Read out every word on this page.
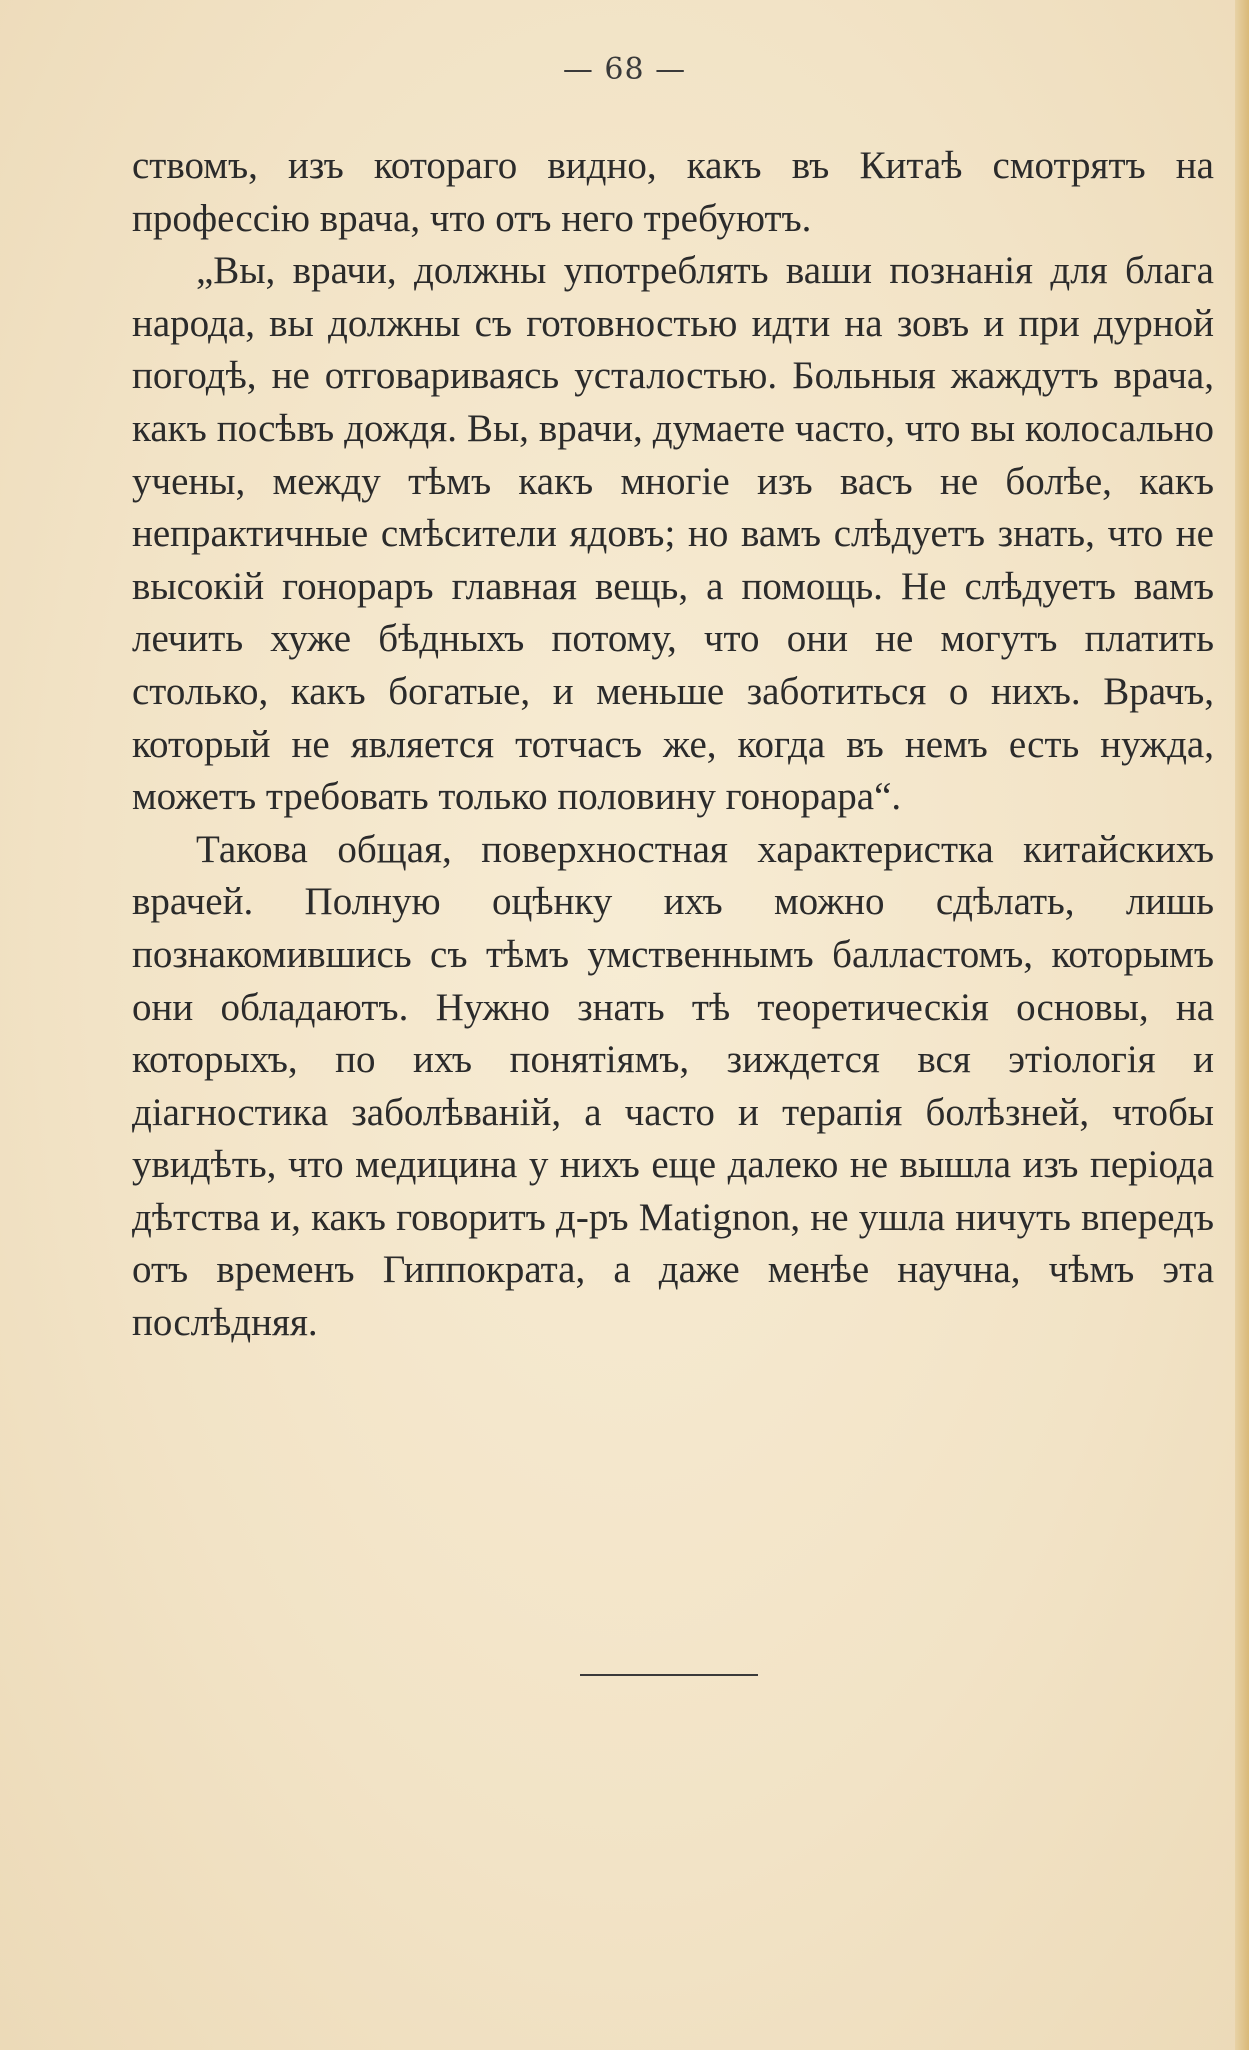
— 68 —

ствомъ, изъ котораго видно, какъ въ Китаѣ смотрятъ на профессію врача, что отъ него требуютъ.

„Вы, врачи, должны употреблять ваши познанія для блага народа, вы должны съ готовностью идти на зовъ и при дурной погодѣ, не отговариваясь усталостью. Больныя жаждутъ врача, какъ посѣвъ дождя. Вы, врачи, думаете часто, что вы колосально учены, между тѣмъ какъ многіе изъ васъ не болѣе, какъ непрактичные смѣсители ядовъ; но вамъ слѣдуетъ знать, что не высокій гонораръ главная вещь, а помощь. Не слѣдуетъ вамъ лечить хуже бѣдныхъ потому, что они не могутъ платить столько, какъ богатые, и меньше заботиться о нихъ. Врачъ, который не является тотчасъ же, когда въ немъ есть нужда, можетъ требовать только половину гонорара“.

Такова общая, поверхностная характеристка китайскихъ врачей. Полную оцѣнку ихъ можно сдѣлать, лишь познакомившись съ тѣмъ умственнымъ балластомъ, которымъ они обладаютъ. Нужно знать тѣ теоретическія основы, на которыхъ, по ихъ понятіямъ, зиждется вся этіологія и діагностика заболѣваній, а часто и терапія болѣзней, чтобы увидѣть, что медицина у нихъ еще далеко не вышла изъ періода дѣтства и, какъ говоритъ д-ръ Matignon, не ушла ничуть впередъ отъ временъ Гиппократа, а даже менѣе научна, чѣмъ эта послѣдняя.
